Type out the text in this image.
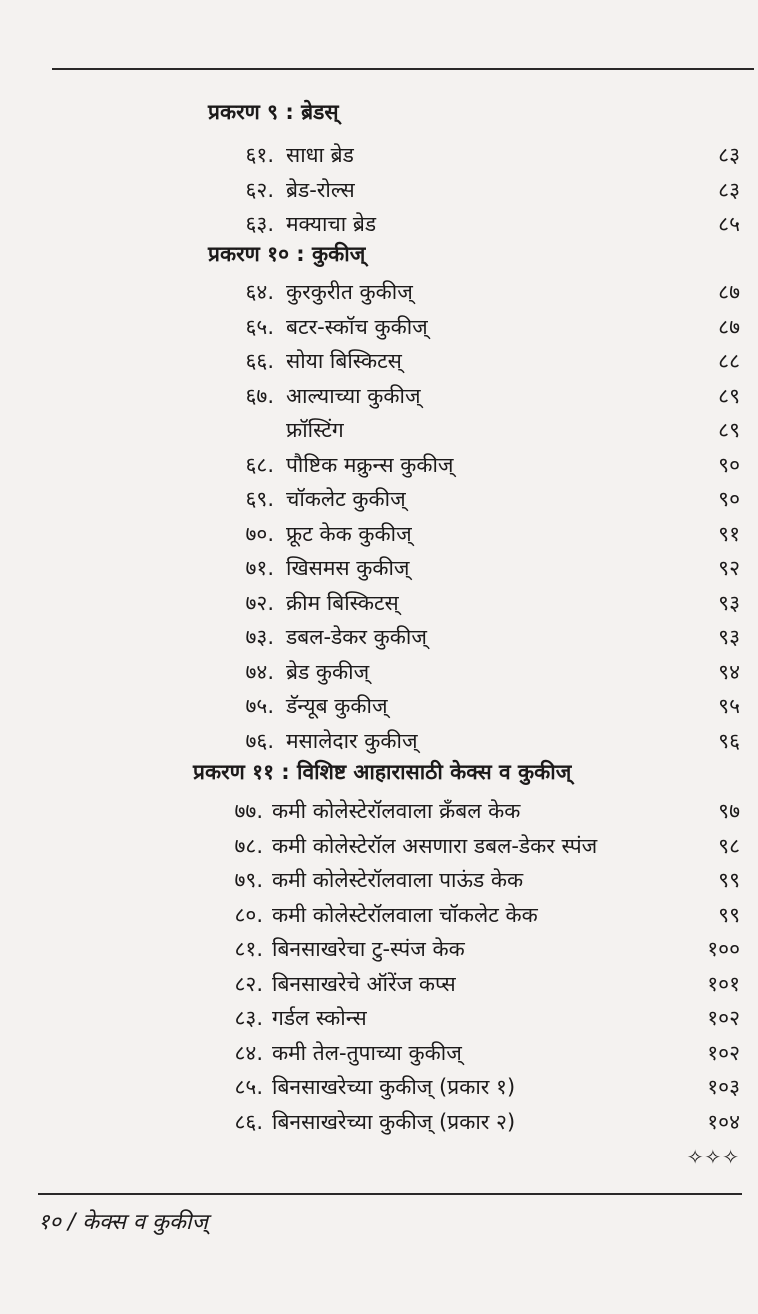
प्रकरण ९ : ब्रेडस्
६१. साधा ब्रेड	८३
६२. ब्रेड-रोल्स	८३
६३. मक्याचा ब्रेड	८५
प्रकरण १० : कुकीज्
६४. कुरकुरीत कुकीज्	८७
६५. बटर-स्कॉच कुकीज्	८७
६६. सोया बिस्किटस्	८८
६७. आल्याच्या कुकीज्	८९
फ्रॉस्टिंग	८९
६८. पौष्टिक मक्रुन्स कुकीज्	९०
६९. चॉकलेट कुकीज्	९०
७०. फ्रूट केक कुकीज्	९१
७१. खिसमस कुकीज्	९२
७२. क्रीम बिस्किटस्	९३
७३. डबल-डेकर कुकीज्	९३
७४. ब्रेड कुकीज्	९४
७५. डॅन्यूब कुकीज्	९५
७६. मसालेदार कुकीज्	९६
प्रकरण ११ : विशिष्ट आहारासाठी केक्स व कुकीज्
७७. कमी कोलेस्टेरॉलवाला क्रॅंबल केक	९७
७८. कमी कोलेस्टेरॉल असणारा डबल-डेकर स्पंज	९८
७९. कमी कोलेस्टेरॉलवाला पाऊंड केक	९९
८०. कमी कोलेस्टेरॉलवाला चॉकलेट केक	९९
८१. बिनसाखरेचा टु-स्पंज केक	१००
८२. बिनसाखरेचे ऑरेंज कप्स	१०१
८३. गर्डल स्कोन्स	१०२
८४. कमी तेल-तुपाच्या कुकीज्	१०२
८५. बिनसाखरेच्या कुकीज् (प्रकार १)	१०३
८६. बिनसाखरेच्या कुकीज् (प्रकार २)	१०४
✧✧✧
१० / केक्स व कुकीज्
